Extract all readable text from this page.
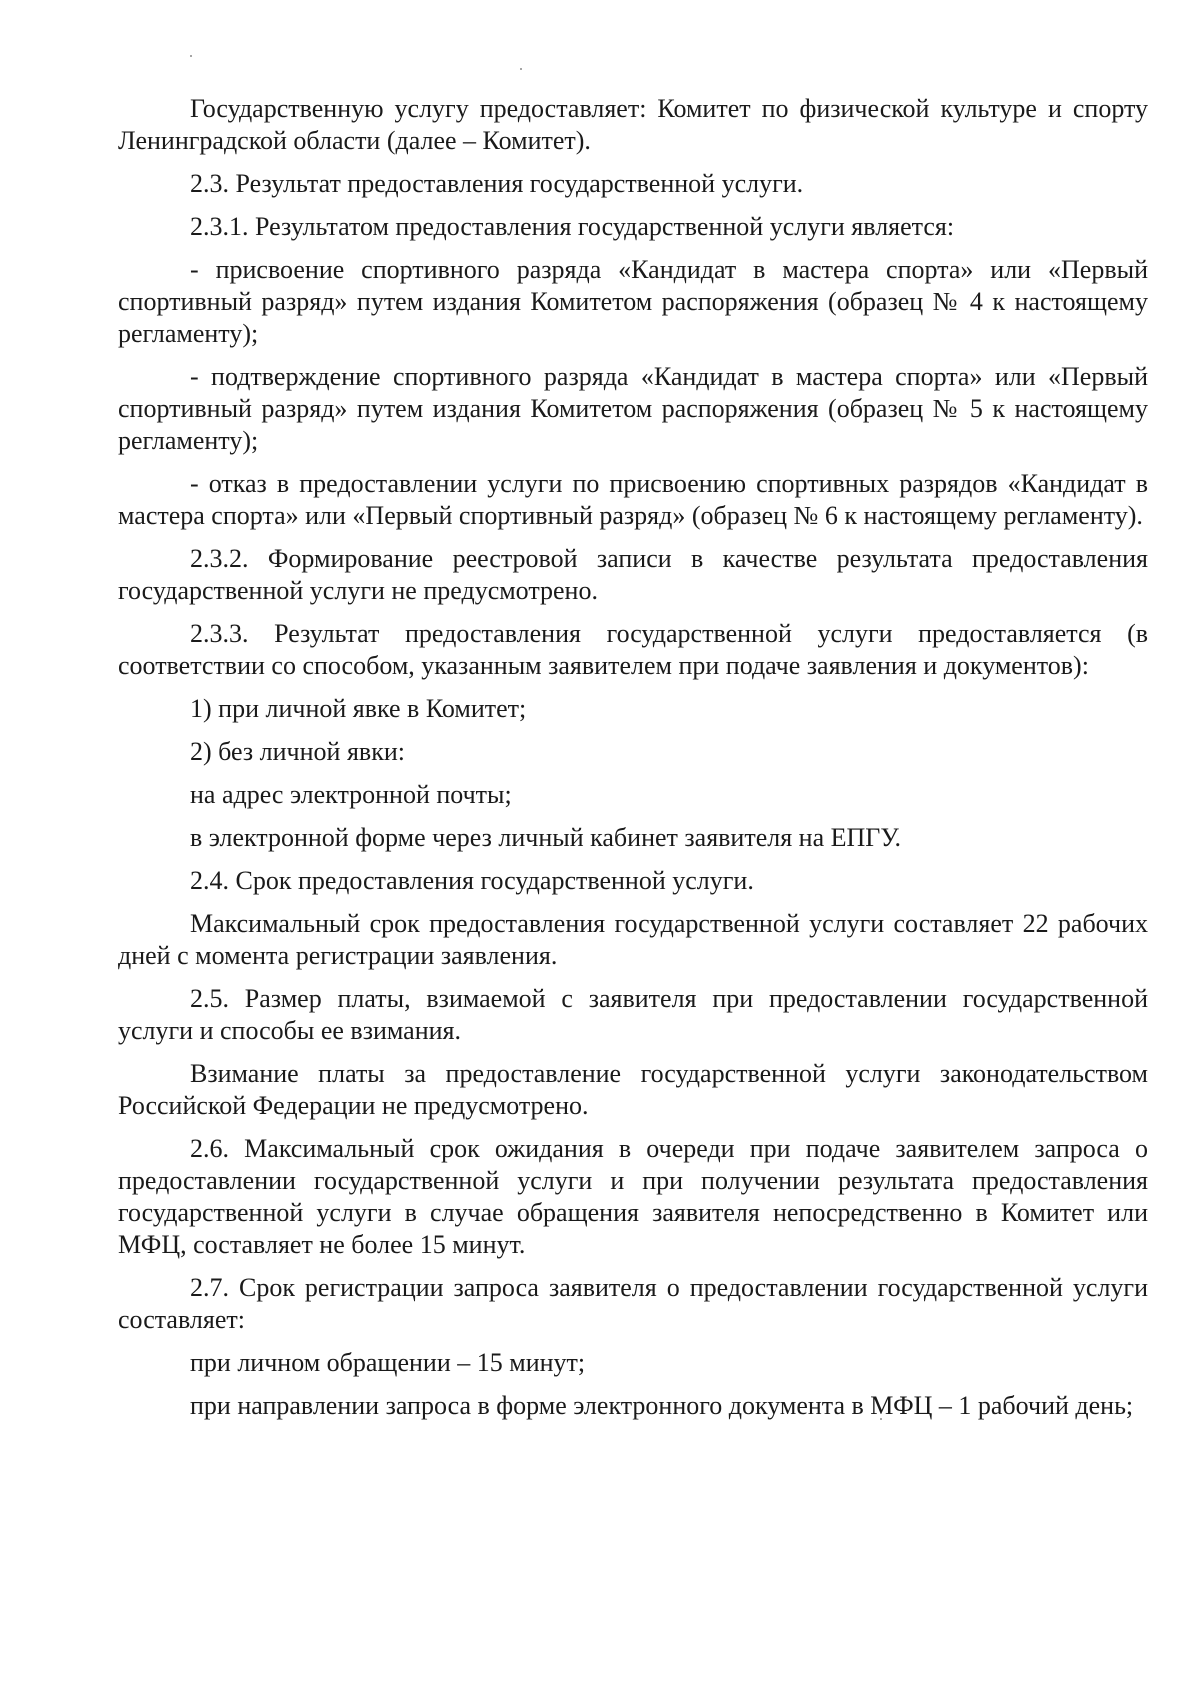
Государственную услугу предоставляет: Комитет по физической культуре и спорту Ленинградской области (далее – Комитет).

2.3. Результат предоставления государственной услуги.

2.3.1. Результатом предоставления государственной услуги является:

- присвоение спортивного разряда «Кандидат в мастера спорта» или «Первый спортивный разряд» путем издания Комитетом распоряжения (образец № 4 к настоящему регламенту);

- подтверждение спортивного разряда «Кандидат в мастера спорта» или «Первый спортивный разряд» путем издания Комитетом распоряжения (образец № 5 к настоящему регламенту);

- отказ в предоставлении услуги по присвоению спортивных разрядов «Кандидат в мастера спорта» или «Первый спортивный разряд» (образец № 6 к настоящему регламенту).

2.3.2. Формирование реестровой записи в качестве результата предоставления государственной услуги не предусмотрено.

2.3.3. Результат предоставления государственной услуги предоставляется (в соответствии со способом, указанным заявителем при подаче заявления и документов):

1) при личной явке в Комитет;

2) без личной явки:

на адрес электронной почты;

в электронной форме через личный кабинет заявителя на ЕПГУ.

2.4. Срок предоставления государственной услуги.

Максимальный срок предоставления государственной услуги составляет 22 рабочих дней с момента регистрации заявления.

2.5. Размер платы, взимаемой с заявителя при предоставлении государственной услуги и способы ее взимания.

Взимание платы за предоставление государственной услуги законодательством Российской Федерации не предусмотрено.

2.6. Максимальный срок ожидания в очереди при подаче заявителем запроса о предоставлении государственной услуги и при получении результата предоставления государственной услуги в случае обращения заявителя непосредственно в Комитет или МФЦ, составляет не более 15 минут.

2.7. Срок регистрации запроса заявителя о предоставлении государственной услуги составляет:

при личном обращении – 15 минут;

при направлении запроса в форме электронного документа в МФЦ – 1 рабочий день;
